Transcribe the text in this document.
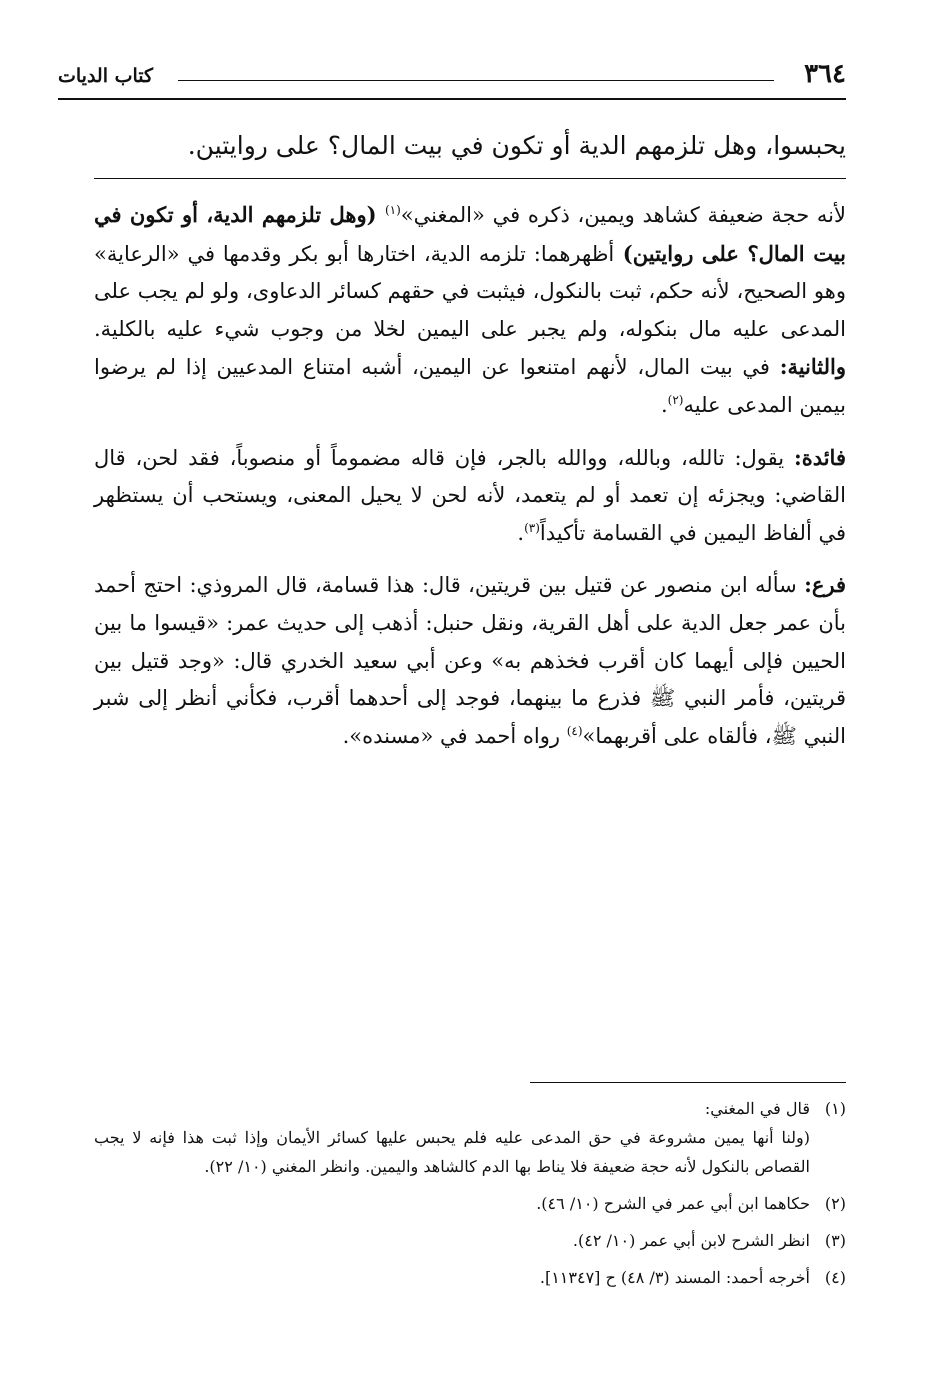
٣٦٤
كتاب الديات
يحبسوا، وهل تلزمهم الدية أو تكون في بيت المال؟ على روايتين.

لأنه حجة ضعيفة كشاهد ويمين، ذكره في «المغني»$^{(١)}$ (وهل تلزمهم الدية، أو تكون في بيت المال؟ على روايتين) أظهرهما: تلزمه الدية، اختارها أبو بكر وقدمها في «الرعاية» وهو الصحيح، لأنه حكم، ثبت بالنكول، فيثبت في حقهم كسائر الدعاوى، ولو لم يجب على المدعى عليه مال بنكوله، ولم يجبر على اليمين لخلا من وجوب شيء عليه بالكلية. والثانية: في بيت المال، لأنهم امتنعوا عن اليمين، أشبه امتناع المدعيين إذا لم يرضوا بيمين المدعى عليه$^{(٢)}$.

فائدة: يقول: تالله، وبالله، ووالله بالجر، فإن قاله مضموماً أو منصوباً، فقد لحن، قال القاضي: ويجزئه إن تعمد أو لم يتعمد، لأنه لحن لا يحيل المعنى، ويستحب أن يستظهر في ألفاظ اليمين في القسامة تأكيداً$^{(٣)}$.

فرع: سأله ابن منصور عن قتيل بين قريتين، قال: هذا قسامة، قال المروذي: احتج أحمد بأن عمر جعل الدية على أهل القرية، ونقل حنبل: أذهب إلى حديث عمر: «قيسوا ما بين الحيين فإلى أيهما كان أقرب فخذهم به» وعن أبي سعيد الخدري قال: «وجد قتيل بين قريتين، فأمر النبي ﷺ فذرع ما بينهما، فوجد إلى أحدهما أقرب، فكأني أنظر إلى شبر النبي ﷺ، فألقاه على أقربهما»$^{(٤)}$ رواه أحمد في «مسنده».

(١)
قال في المغني:
(ولنا أنها يمين مشروعة في حق المدعى عليه فلم يحبس عليها كسائر الأيمان وإذا ثبت هذا فإنه لا يجب القصاص بالنكول لأنه حجة ضعيفة فلا يناط بها الدم كالشاهد واليمين. وانظر المغني (١٠/ ٢٢).
(٢)
حكاهما ابن أبي عمر في الشرح (١٠/ ٤٦).
(٣)
انظر الشرح لابن أبي عمر (١٠/ ٤٢).
(٤)
أخرجه أحمد: المسند (٣/ ٤٨) ح [١١٣٤٧].
